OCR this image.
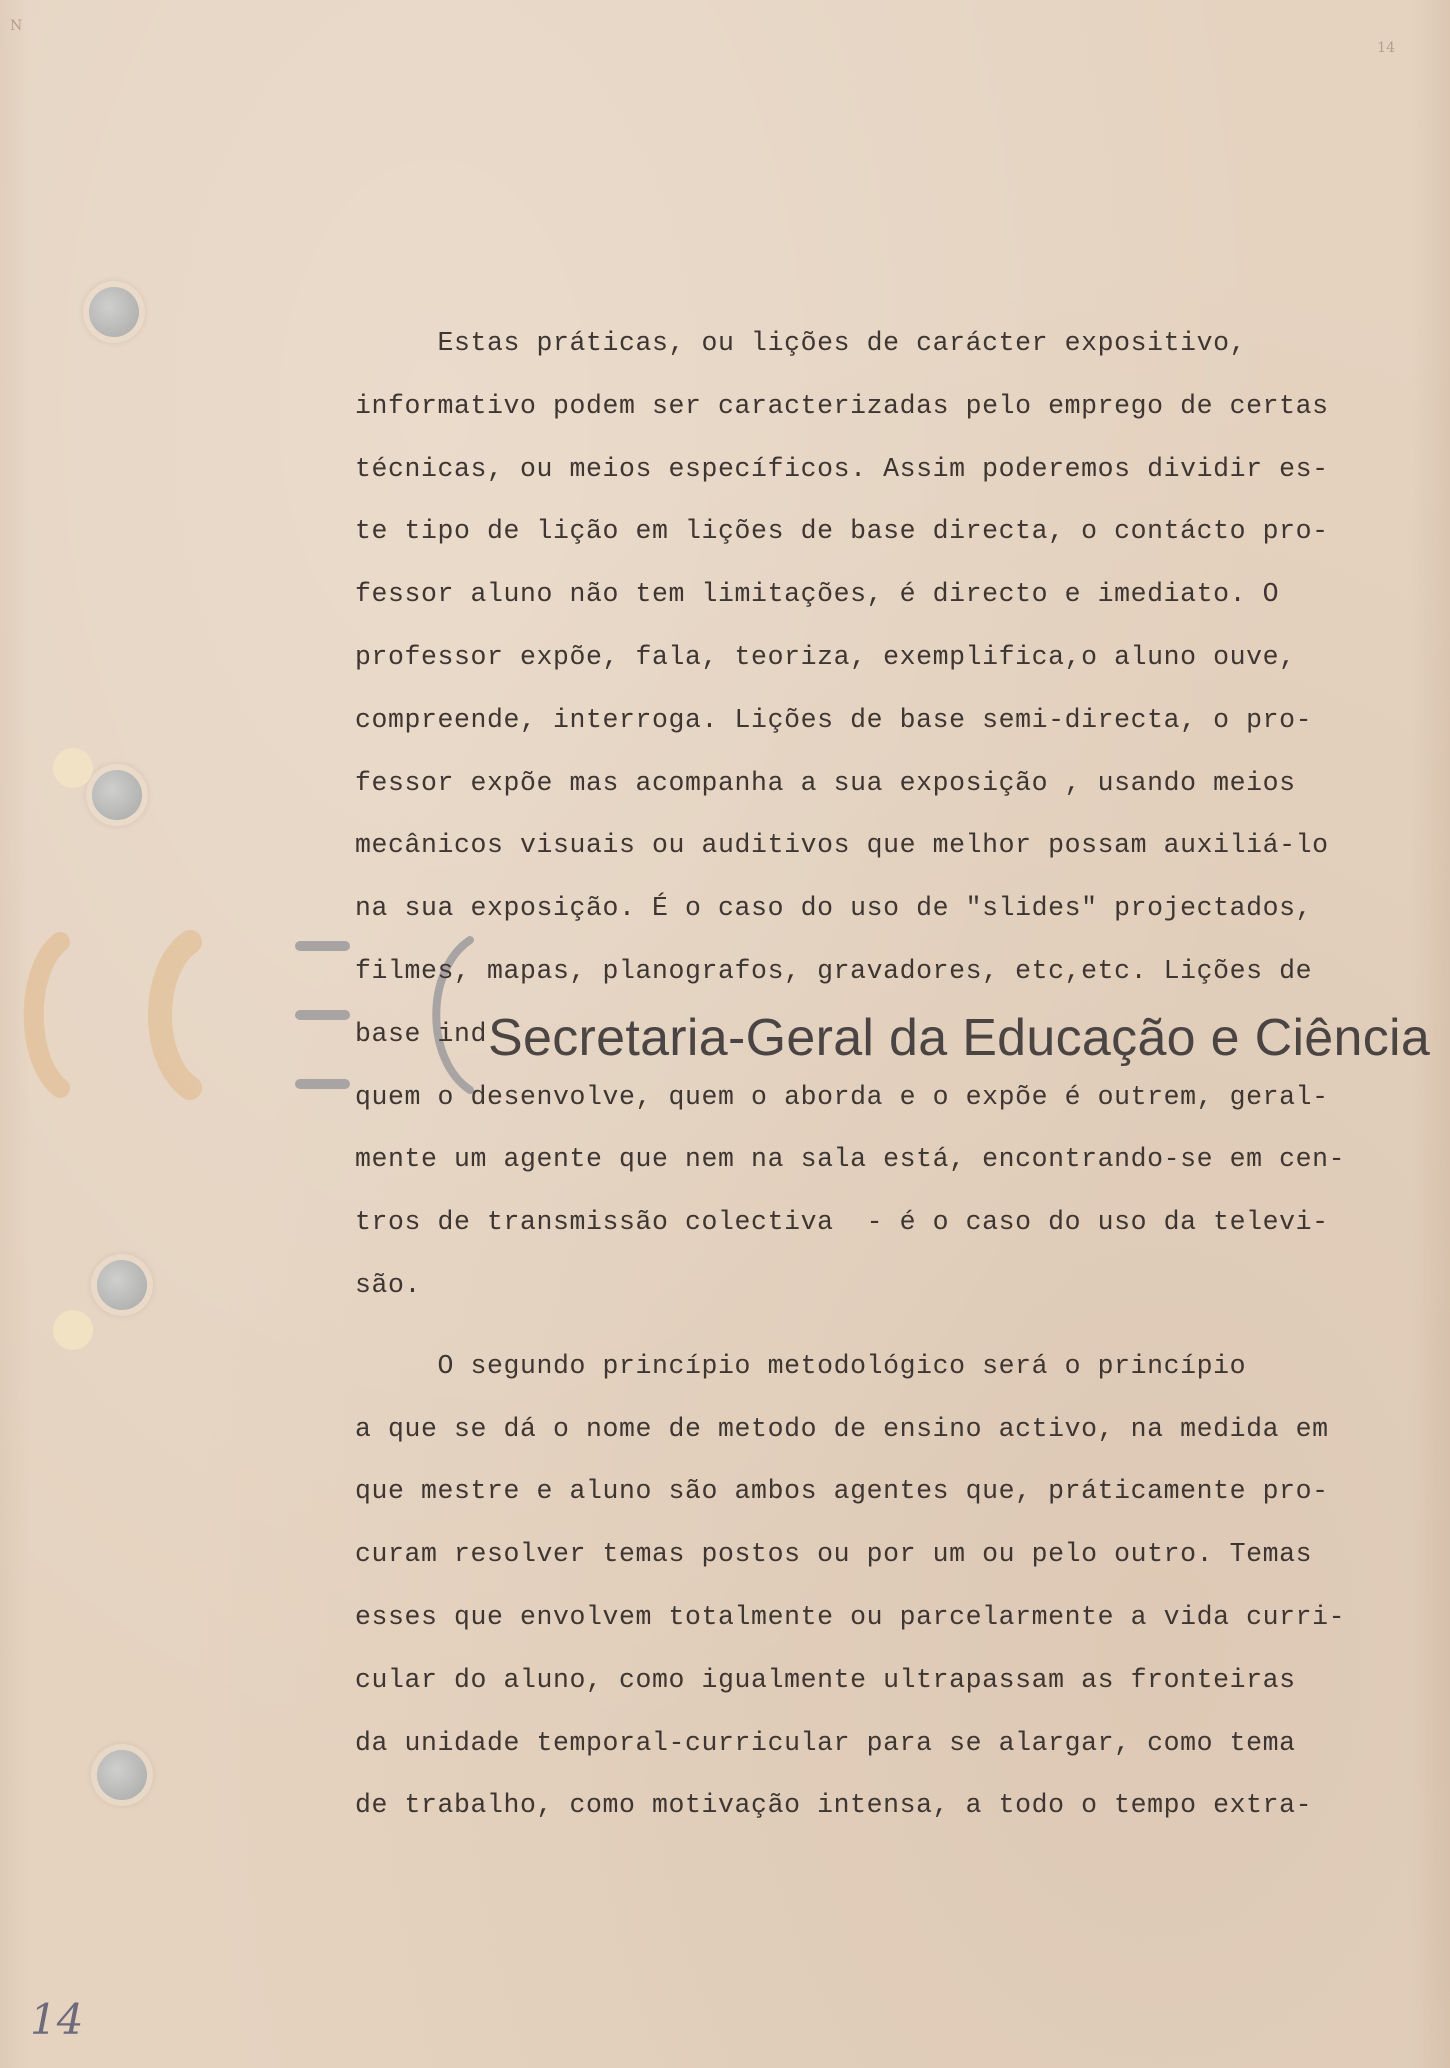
N
14
Estas práticas, ou lições de carácter expositivo,
informativo podem ser caracterizadas pelo emprego de certas
técnicas, ou meios específicos. Assim poderemos dividir es-
te tipo de lição em lições de base directa, o contácto pro-
fessor aluno não tem limitações, é directo e imediato. O
professor expõe, fala, teoriza, exemplifica,o aluno ouve,
compreende, interroga. Lições de base semi-directa, o pro-
fessor expõe mas acompanha a sua exposição , usando meios
mecânicos visuais ou auditivos que melhor possam auxiliá-lo
na sua exposição. É o caso do uso de "slides" projectados,
filmes, mapas, planografos, gravadores, etc,etc. Lições de
base ind
quem o desenvolve, quem o aborda e o expõe é outrem, geral-
mente um agente que nem na sala está, encontrando-se em cen-
tros de transmissão colectiva  - é o caso do uso da televi-
são.
O segundo princípio metodológico será o princípio
a que se dá o nome de metodo de ensino activo, na medida em
que mestre e aluno são ambos agentes que, práticamente pro-
curam resolver temas postos ou por um ou pelo outro. Temas
esses que envolvem totalmente ou parcelarmente a vida curri-
cular do aluno, como igualmente ultrapassam as fronteiras
da unidade temporal-curricular para se alargar, como tema
de trabalho, como motivação intensa, a todo o tempo extra-
Secretaria-Geral da Educação e Ciência
14
